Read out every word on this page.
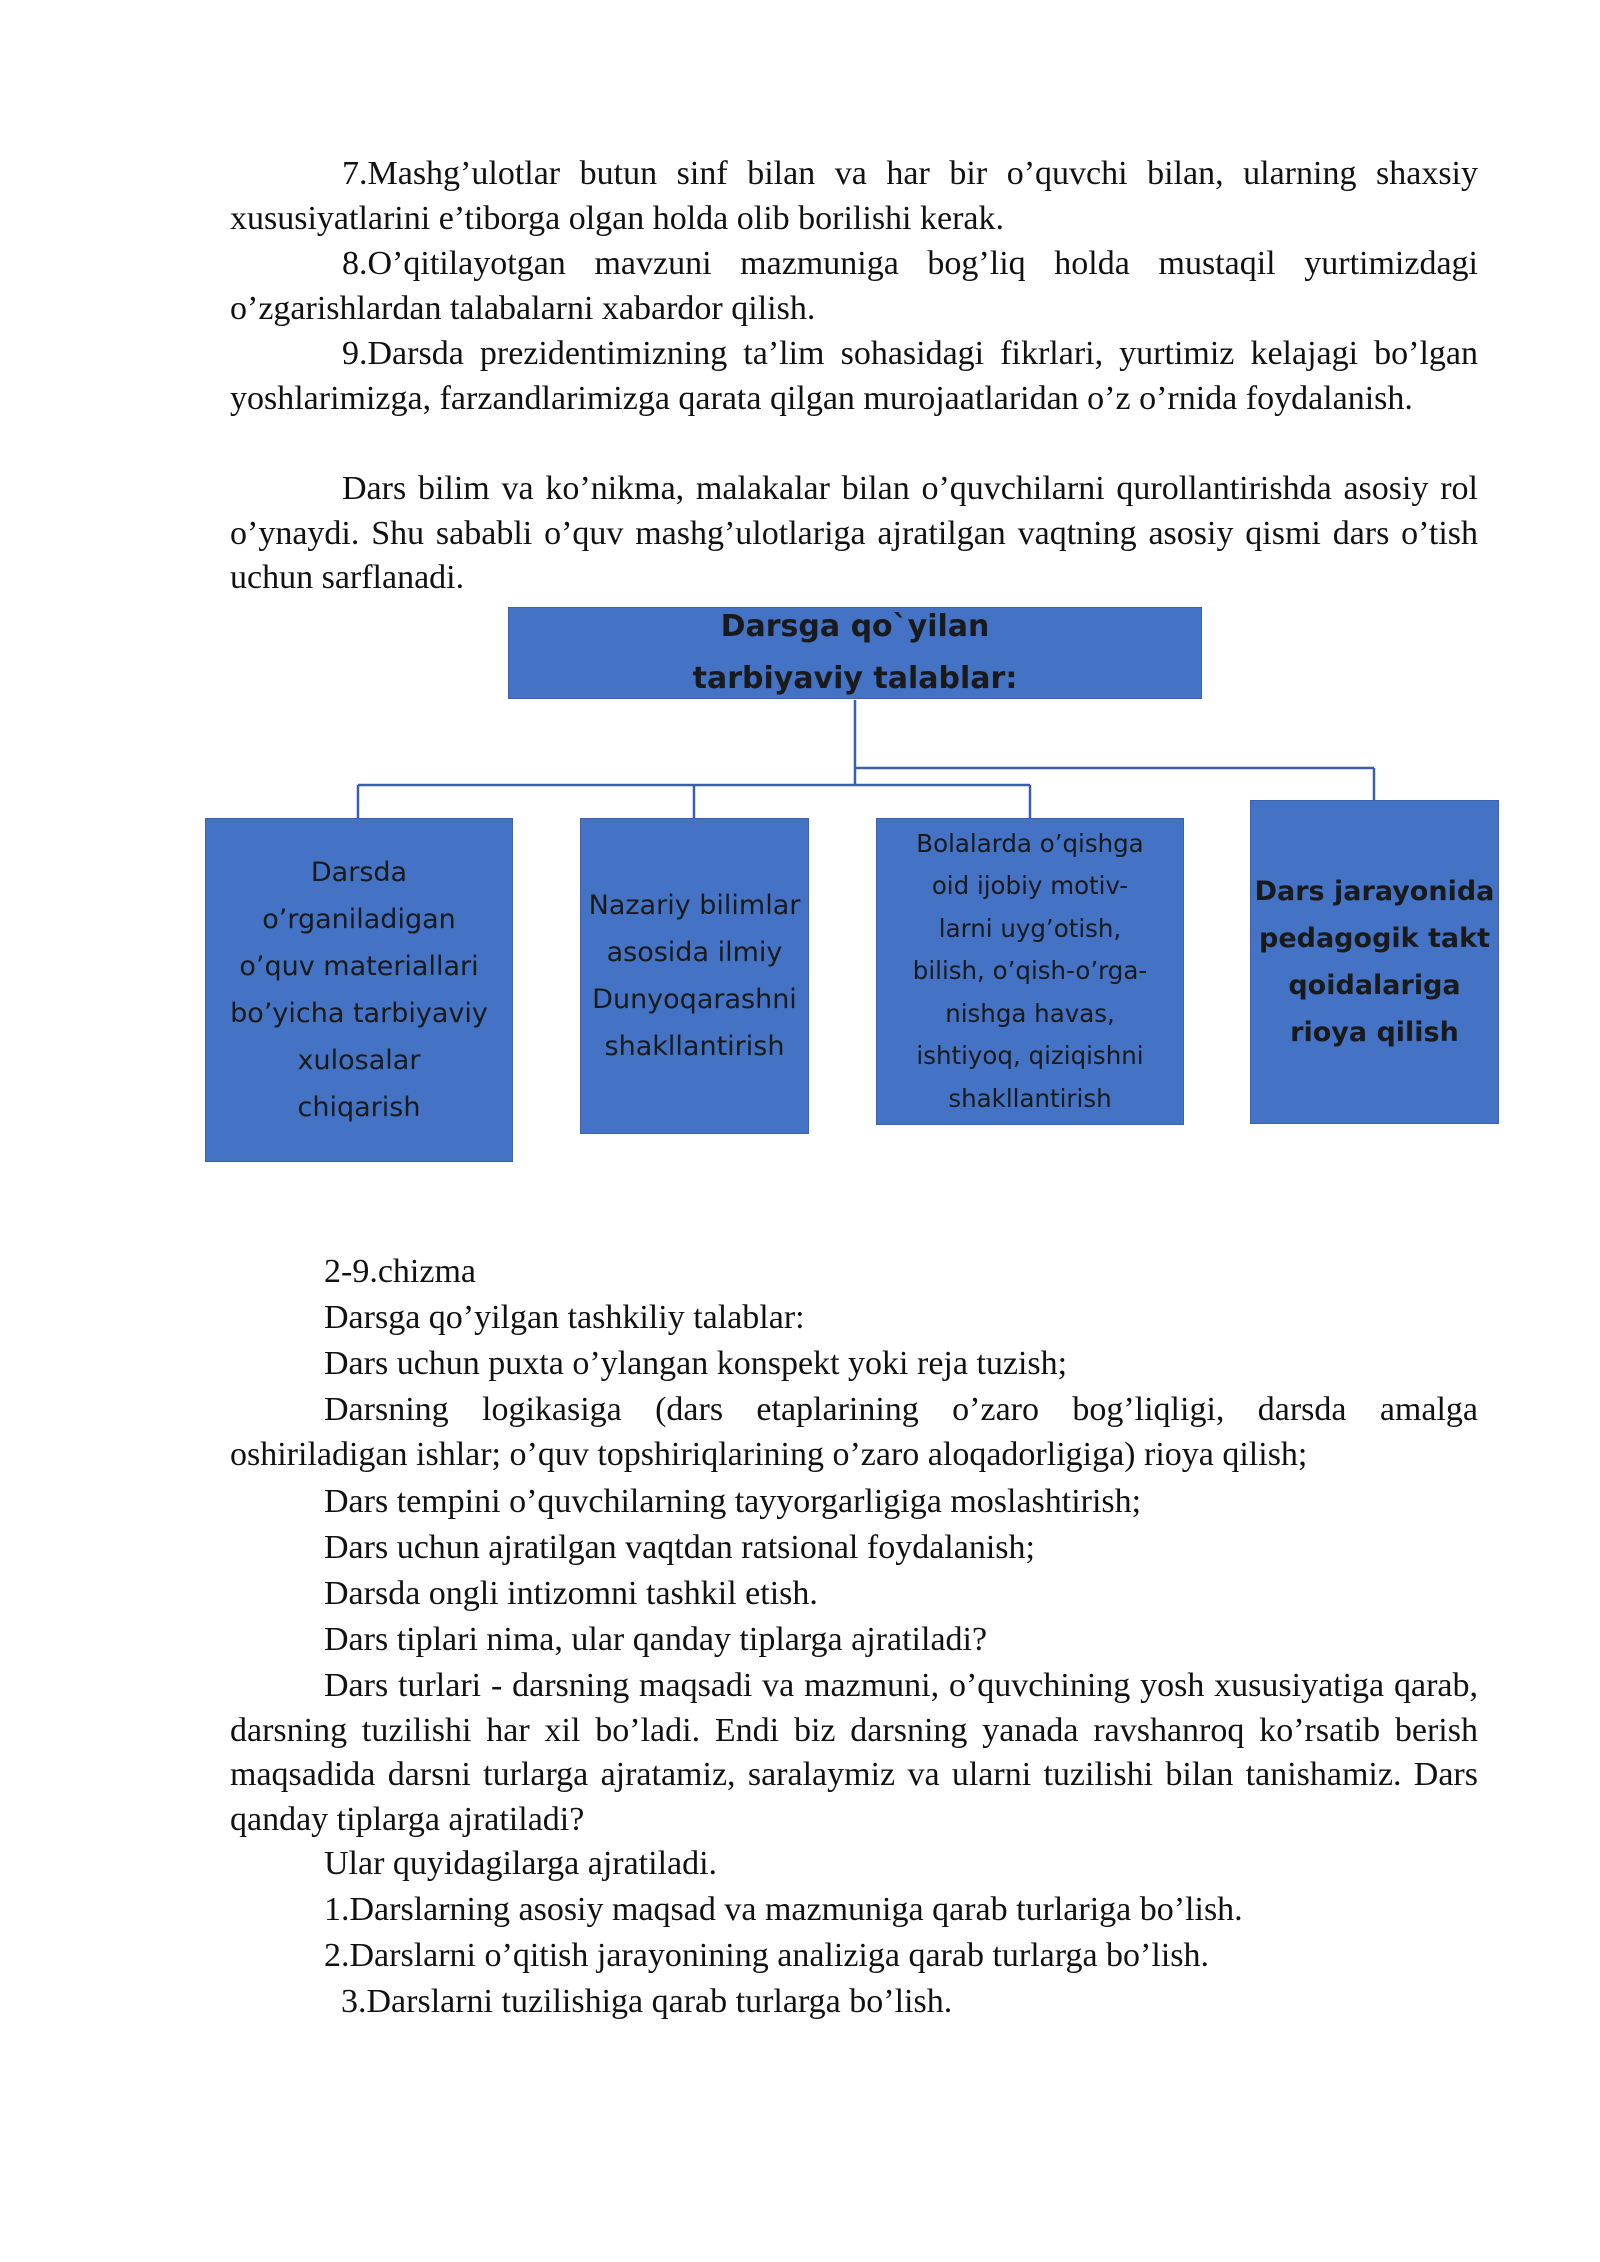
7.Mashg’ulotlar butun sinf bilan va har bir o’quvchi bilan, ularning shaxsiy xususiyatlarini e’tiborga olgan holda olib borilishi kerak.

8.O’qitilayotgan mavzuni mazmuniga bog’liq holda mustaqil yurtimizdagi o’zgarishlardan talabalarni xabardor qilish.

9.Darsda prezidentimizning ta’lim sohasidagi fikrlari, yurtimiz kelajagi bo’lgan yoshlarimizga, farzandlarimizga qarata qilgan murojaatlaridan o’z o’rnida foydalanish.

Dars bilim va ko’nikma, malakalar bilan o’quvchilarni qurollantirishda asosiy rol o’ynaydi. Shu sababli o’quv mashg’ulotlariga ajratilgan vaqtning asosiy qismi dars o’tish uchun sarflanadi.

Darsga qo`yilan
tarbiyaviy talablar:
Darsda
o’rganiladigan
o’quv materiallari
bo’yicha tarbiyaviy
xulosalar
chiqarish
Nazariy bilimlar
asosida ilmiy
Dunyoqarashni
shakllantirish
Bolalarda o’qishga
oid ijobiy motiv-
larni uyg’otish,
bilish, o’qish-o’rga-
nishga havas,
ishtiyoq, qiziqishni
shakllantirish
Dars jarayonida
pedagogik takt
qoidalariga
rioya qilish

2-9.chizma

Darsga qo’yilgan tashkiliy talablar:

Dars uchun puxta o’ylangan konspekt yoki reja tuzish;

Darsning logikasiga (dars etaplarining o’zaro bog’liqligi, darsda amalga oshiriladigan ishlar; o’quv topshiriqlarining o’zaro aloqadorligiga) rioya qilish;

Dars tempini o’quvchilarning tayyorgarligiga moslashtirish;

Dars uchun ajratilgan vaqtdan ratsional foydalanish;

Darsda ongli intizomni tashkil etish.

Dars tiplari nima, ular qanday tiplarga ajratiladi?

Dars turlari - darsning maqsadi va mazmuni, o’quvchining yosh xususiyatiga qarab, darsning tuzilishi har xil bo’ladi. Endi biz darsning yanada ravshanroq ko’rsatib berish maqsadida darsni turlarga ajratamiz, saralaymiz va ularni tuzilishi bilan tanishamiz. Dars qanday tiplarga ajratiladi?

Ular quyidagilarga ajratiladi.

1.Darslarning asosiy maqsad va mazmuniga qarab turlariga bo’lish.

2.Darslarni o’qitish jarayonining analiziga qarab turlarga bo’lish.

3.Darslarni tuzilishiga qarab turlarga bo’lish.
